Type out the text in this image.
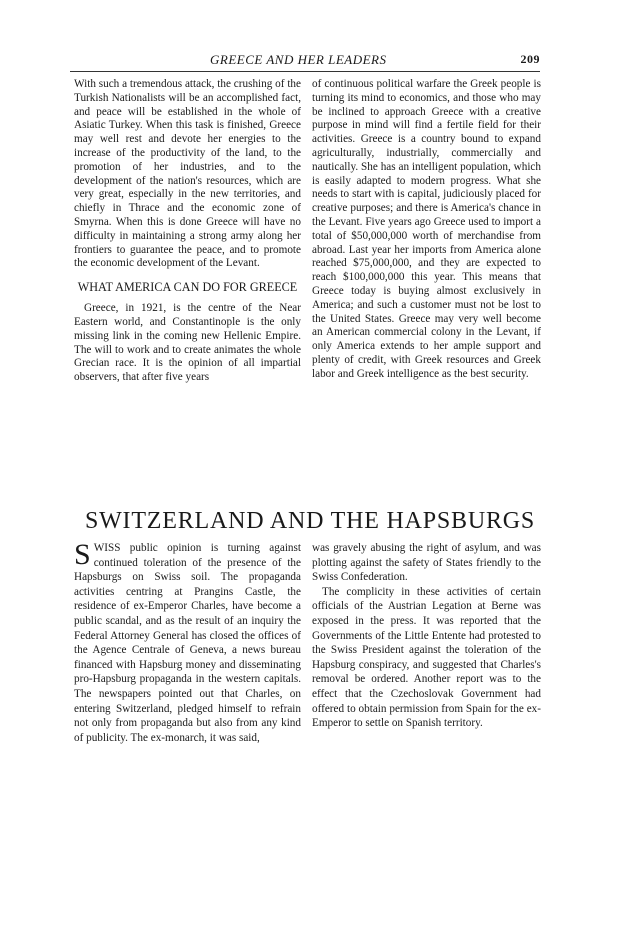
GREECE AND HER LEADERS	209

With such a tremendous attack, the crushing of the Turkish Nationalists will be an accomplished fact, and peace will be established in the whole of Asiatic Turkey. When this task is finished, Greece may well rest and devote her energies to the increase of the productivity of the land, to the promotion of her industries, and to the development of the nation's resources, which are very great, especially in the new territories, and chiefly in Thrace and the economic zone of Smyrna. When this is done Greece will have no difficulty in maintaining a strong army along her frontiers to guarantee the peace, and to promote the economic development of the Levant.

WHAT AMERICA CAN DO FOR GREECE

Greece, in 1921, is the centre of the Near Eastern world, and Constantinople is the only missing link in the coming new Hellenic Empire. The will to work and to create animates the whole Grecian race. It is the opinion of all impartial observers, that after five years

of continuous political warfare the Greek people is turning its mind to economics, and those who may be inclined to approach Greece with a creative purpose in mind will find a fertile field for their activities. Greece is a country bound to expand agriculturally, industrially, commercially and nautically. She has an intelligent population, which is easily adapted to modern progress. What she needs to start with is capital, judiciously placed for creative purposes; and there is America's chance in the Levant. Five years ago Greece used to import a total of $50,000,000 worth of merchandise from abroad. Last year her imports from America alone reached $75,000,000, and they are expected to reach $100,000,000 this year. This means that Greece today is buying almost exclusively in America; and such a customer must not be lost to the United States. Greece may very well become an American commercial colony in the Levant, if only America extends to her ample support and plenty of credit, with Greek resources and Greek labor and Greek intelligence as the best security.

SWITZERLAND AND THE HAPSBURGS

SWISS public opinion is turning against continued toleration of the presence of the Hapsburgs on Swiss soil. The propaganda activities centring at Prangins Castle, the residence of ex-Emperor Charles, have become a public scandal, and as the result of an inquiry the Federal Attorney General has closed the offices of the Agence Centrale of Geneva, a news bureau financed with Hapsburg money and disseminating pro-Hapsburg propaganda in the western capitals. The newspapers pointed out that Charles, on entering Switzerland, pledged himself to refrain not only from propaganda but also from any kind of publicity. The ex-monarch, it was said,

was gravely abusing the right of asylum, and was plotting against the safety of States friendly to the Swiss Confederation.

The complicity in these activities of certain officials of the Austrian Legation at Berne was exposed in the press. It was reported that the Governments of the Little Entente had protested to the Swiss President against the toleration of the Hapsburg conspiracy, and suggested that Charles's removal be ordered. Another report was to the effect that the Czechoslovak Government had offered to obtain permission from Spain for the ex-Emperor to settle on Spanish territory.
